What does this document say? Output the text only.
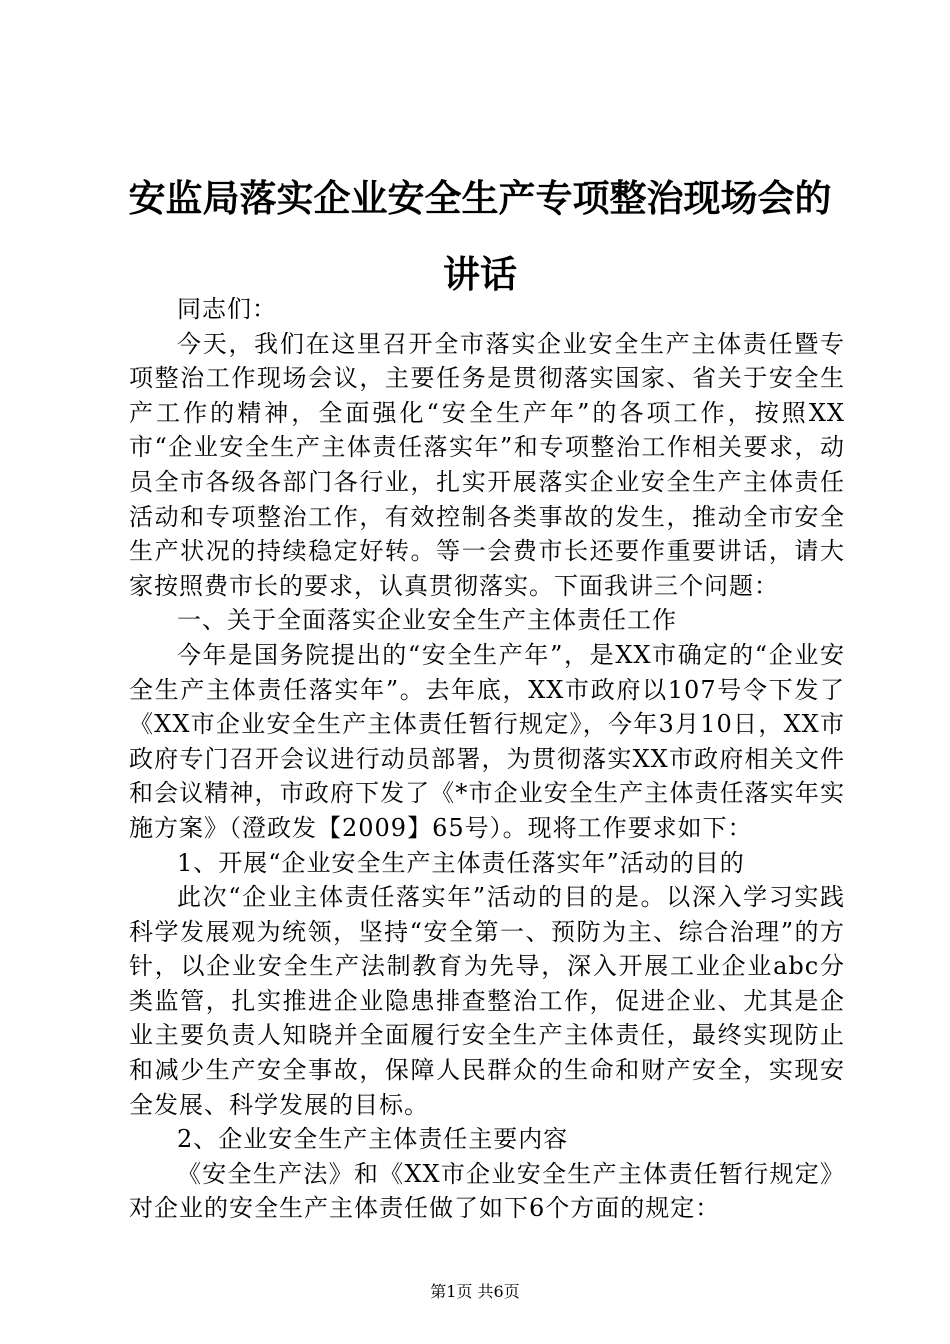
安监局落实企业安全生产专项整治现场会的讲话

同志们：

今天，我们在这里召开全市落实企业安全生产主体责任暨专项整治工作现场会议，主要任务是贯彻落实国家、省关于安全生产工作的精神，全面强化“安全生产年”的各项工作，按照XX市“企业安全生产主体责任落实年”和专项整治工作相关要求，动员全市各级各部门各行业，扎实开展落实企业安全生产主体责任活动和专项整治工作，有效控制各类事故的发生，推动全市安全生产状况的持续稳定好转。等一会费市长还要作重要讲话，请大家按照费市长的要求，认真贯彻落实。下面我讲三个问题：

一、关于全面落实企业安全生产主体责任工作

今年是国务院提出的“安全生产年”，是XX市确定的“企业安全生产主体责任落实年”。去年底，XX市政府以107号令下发了《XX市企业安全生产主体责任暂行规定》，今年3月10日，XX市政府专门召开会议进行动员部署，为贯彻落实XX市政府相关文件和会议精神，市政府下发了《*市企业安全生产主体责任落实年实施方案》（澄政发【2009】65号）。现将工作要求如下：

1、开展“企业安全生产主体责任落实年”活动的目的

此次“企业主体责任落实年”活动的目的是。以深入学习实践科学发展观为统领，坚持“安全第一、预防为主、综合治理”的方针，以企业安全生产法制教育为先导，深入开展工业企业abc分类监管，扎实推进企业隐患排查整治工作，促进企业、尤其是企业主要负责人知晓并全面履行安全生产主体责任，最终实现防止和减少生产安全事故，保障人民群众的生命和财产安全，实现安全发展、科学发展的目标。

2、企业安全生产主体责任主要内容

《安全生产法》和《XX市企业安全生产主体责任暂行规定》对企业的安全生产主体责任做了如下6个方面的规定：

第1页 共6页
